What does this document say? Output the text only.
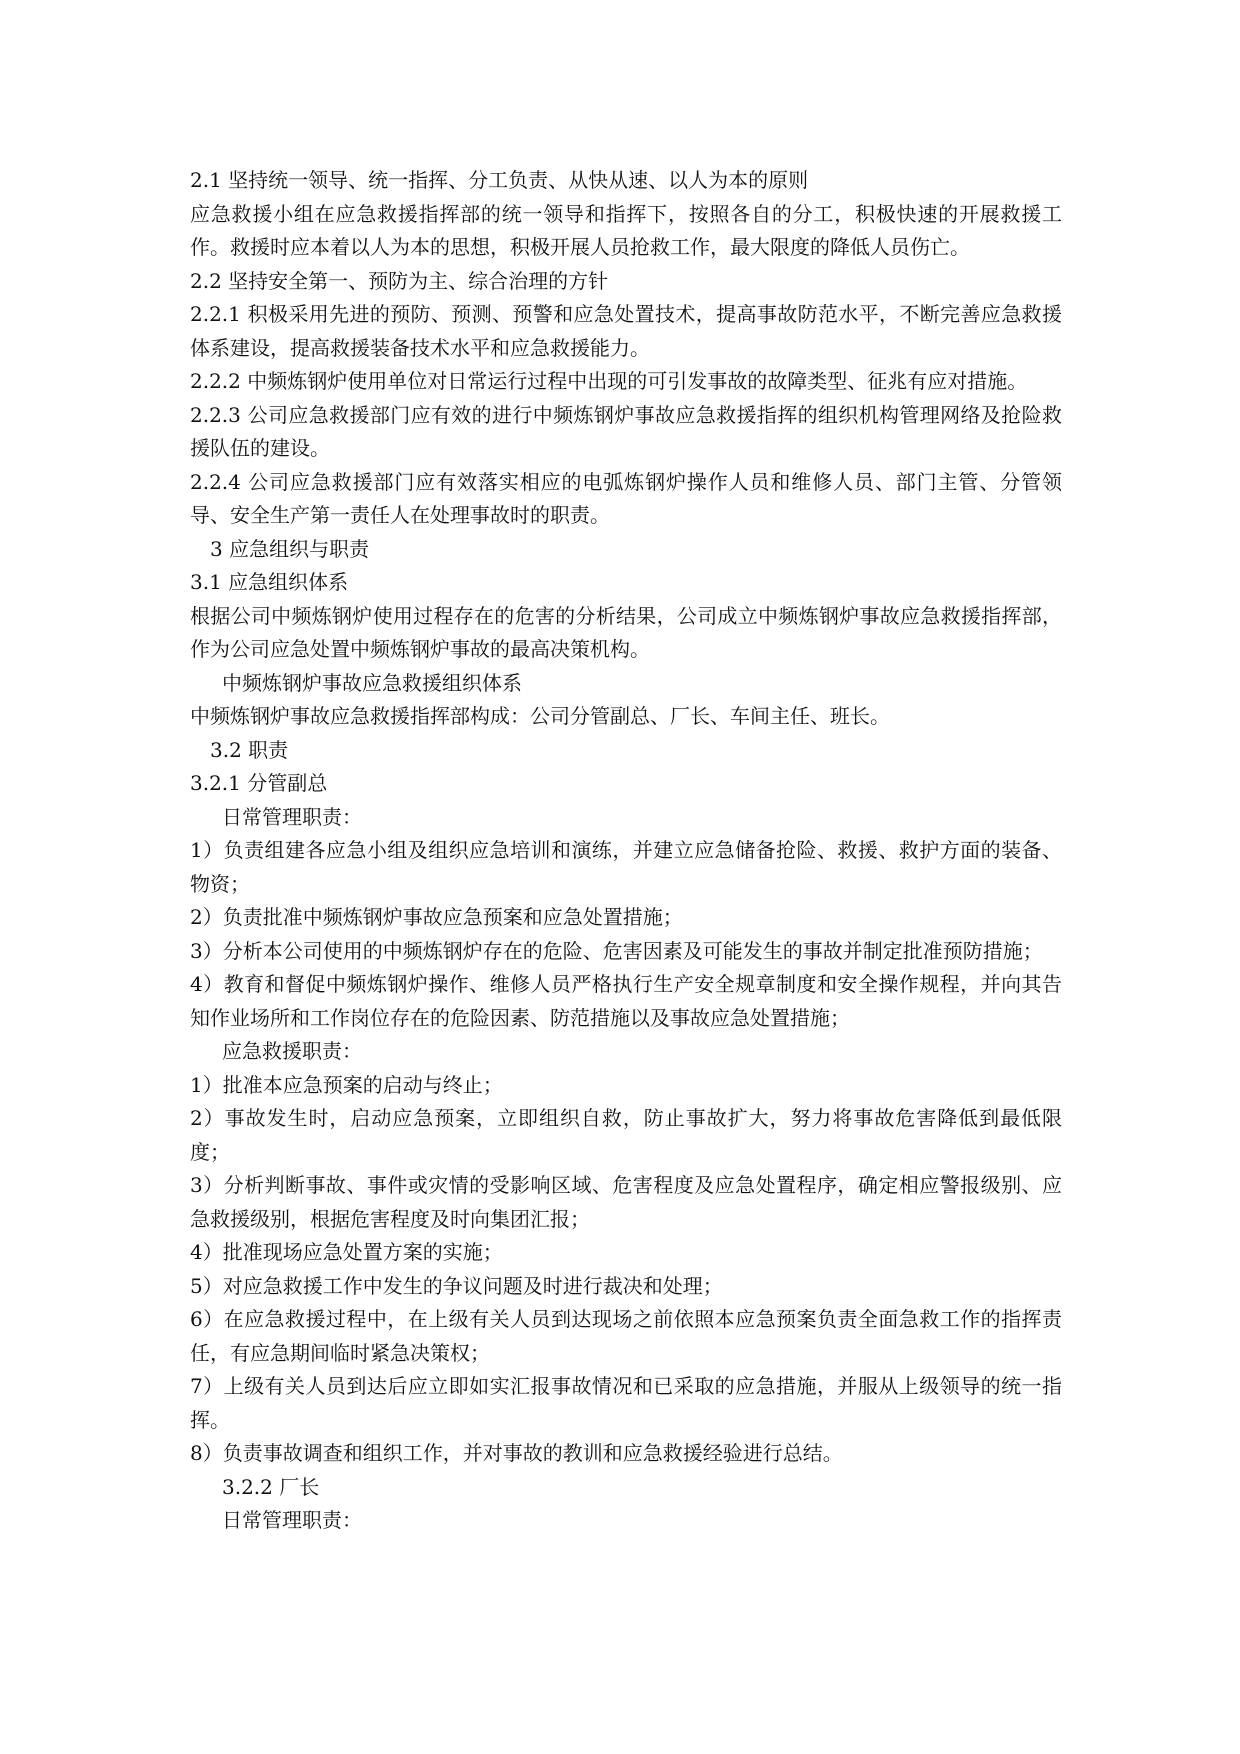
2.1 坚持统一领导、统一指挥、分工负责、从快从速、以人为本的原则

应急救援小组在应急救援指挥部的统一领导和指挥下，按照各自的分工，积极快速的开展救援工作。救援时应本着以人为本的思想，积极开展人员抢救工作，最大限度的降低人员伤亡。

2.2 坚持安全第一、预防为主、综合治理的方针

2.2.1 积极采用先进的预防、预测、预警和应急处置技术，提高事故防范水平，不断完善应急救援体系建设，提高救援装备技术水平和应急救援能力。

2.2.2 中频炼钢炉使用单位对日常运行过程中出现的可引发事故的故障类型、征兆有应对措施。

2.2.3 公司应急救援部门应有效的进行中频炼钢炉事故应急救援指挥的组织机构管理网络及抢险救援队伍的建设。

2.2.4 公司应急救援部门应有效落实相应的电弧炼钢炉操作人员和维修人员、部门主管、分管领导、安全生产第一责任人在处理事故时的职责。

3 应急组织与职责

3.1 应急组织体系

根据公司中频炼钢炉使用过程存在的危害的分析结果，公司成立中频炼钢炉事故应急救援指挥部，作为公司应急处置中频炼钢炉事故的最高决策机构。

中频炼钢炉事故应急救援组织体系

中频炼钢炉事故应急救援指挥部构成：公司分管副总、厂长、车间主任、班长。

3.2 职责

3.2.1 分管副总

日常管理职责：

1）负责组建各应急小组及组织应急培训和演练，并建立应急储备抢险、救援、救护方面的装备、物资；

2）负责批准中频炼钢炉事故应急预案和应急处置措施；

3）分析本公司使用的中频炼钢炉存在的危险、危害因素及可能发生的事故并制定批准预防措施；

4）教育和督促中频炼钢炉操作、维修人员严格执行生产安全规章制度和安全操作规程，并向其告知作业场所和工作岗位存在的危险因素、防范措施以及事故应急处置措施；

应急救援职责：

1）批准本应急预案的启动与终止；

2）事故发生时，启动应急预案，立即组织自救，防止事故扩大，努力将事故危害降低到最低限度；

3）分析判断事故、事件或灾情的受影响区域、危害程度及应急处置程序，确定相应警报级别、应急救援级别，根据危害程度及时向集团汇报；

4）批准现场应急处置方案的实施；

5）对应急救援工作中发生的争议问题及时进行裁决和处理；

6）在应急救援过程中，在上级有关人员到达现场之前依照本应急预案负责全面急救工作的指挥责任，有应急期间临时紧急决策权；

7）上级有关人员到达后应立即如实汇报事故情况和已采取的应急措施，并服从上级领导的统一指挥。

8）负责事故调查和组织工作，并对事故的教训和应急救援经验进行总结。

3.2.2 厂长

日常管理职责：
